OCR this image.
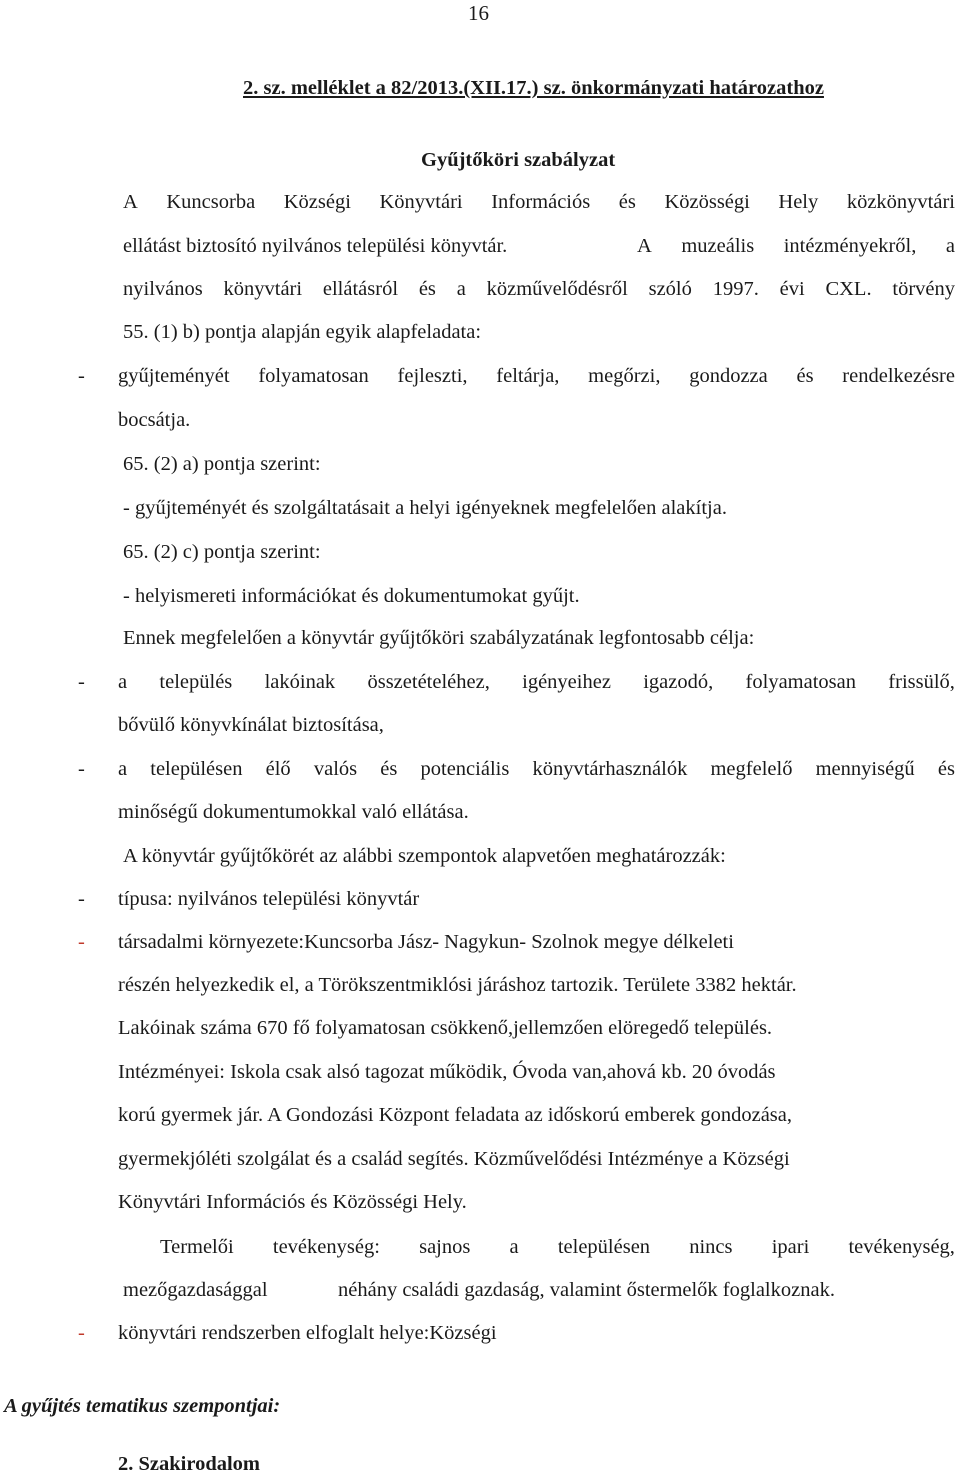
16
2. sz. melléklet a 82/2013.(XII.17.) sz. önkormányzati határozathoz
Gyűjtőköri szabályzat
A Kuncsorba Községi Könyvtári Információs és Közösségi Hely közkönyvtári
ellátást biztosító nyilvános települési könyvtár.	A muzeális intézményekről, a
nyilvános könyvtári ellátásról és a közművelődésről szóló 1997. évi CXL. törvény
55. (1) b) pontja alapján egyik alapfeladata:
- gyűjteményét folyamatosan fejleszti, feltárja, megőrzi, gondozza és rendelkezésre
bocsátja.
65. (2) a) pontja szerint:
- gyűjteményét és szolgáltatásait a helyi igényeknek megfelelően alakítja.
65. (2) c) pontja szerint:
- helyismereti információkat és dokumentumokat gyűjt.
Ennek megfelelően a könyvtár gyűjtőköri szabályzatának legfontosabb célja:
- a település lakóinak összetételéhez, igényeihez igazodó, folyamatosan frissülő,
bővülő könyvkínálat biztosítása,
- a településen élő valós és potenciális könyvtárhasználók megfelelő mennyiségű és
minőségű dokumentumokkal való ellátása.
A könyvtár gyűjtőkörét az alábbi szempontok alapvetően meghatározzák:
- típusa: nyilvános települési könyvtár
- társadalmi környezete:Kuncsorba Jász- Nagykun- Szolnok megye délkeleti
részén helyezkedik el, a Törökszentmiklósi járáshoz tartozik. Területe 3382 hektár.
Lakóinak száma 670 fő folyamatosan csökkenő,jellemzően elöregedő település.
Intézményei: Iskola csak alsó tagozat működik, Óvoda van,ahová kb. 20 óvodás
korú gyermek jár. A Gondozási Központ feladata az időskorú emberek gondozása,
gyermekjóléti szolgálat és a család segítés. Közművelődési Intézménye a Községi
Könyvtári Információs és Közösségi Hely.
Termelői tevékenység: sajnos a településen nincs ipari tevékenység,
mezőgazdasággal	néhány családi gazdaság, valamint őstermelők foglalkoznak.
- könyvtári rendszerben elfoglalt helye:Községi
A gyűjtés tematikus szempontjai:
2. Szakirodalom
